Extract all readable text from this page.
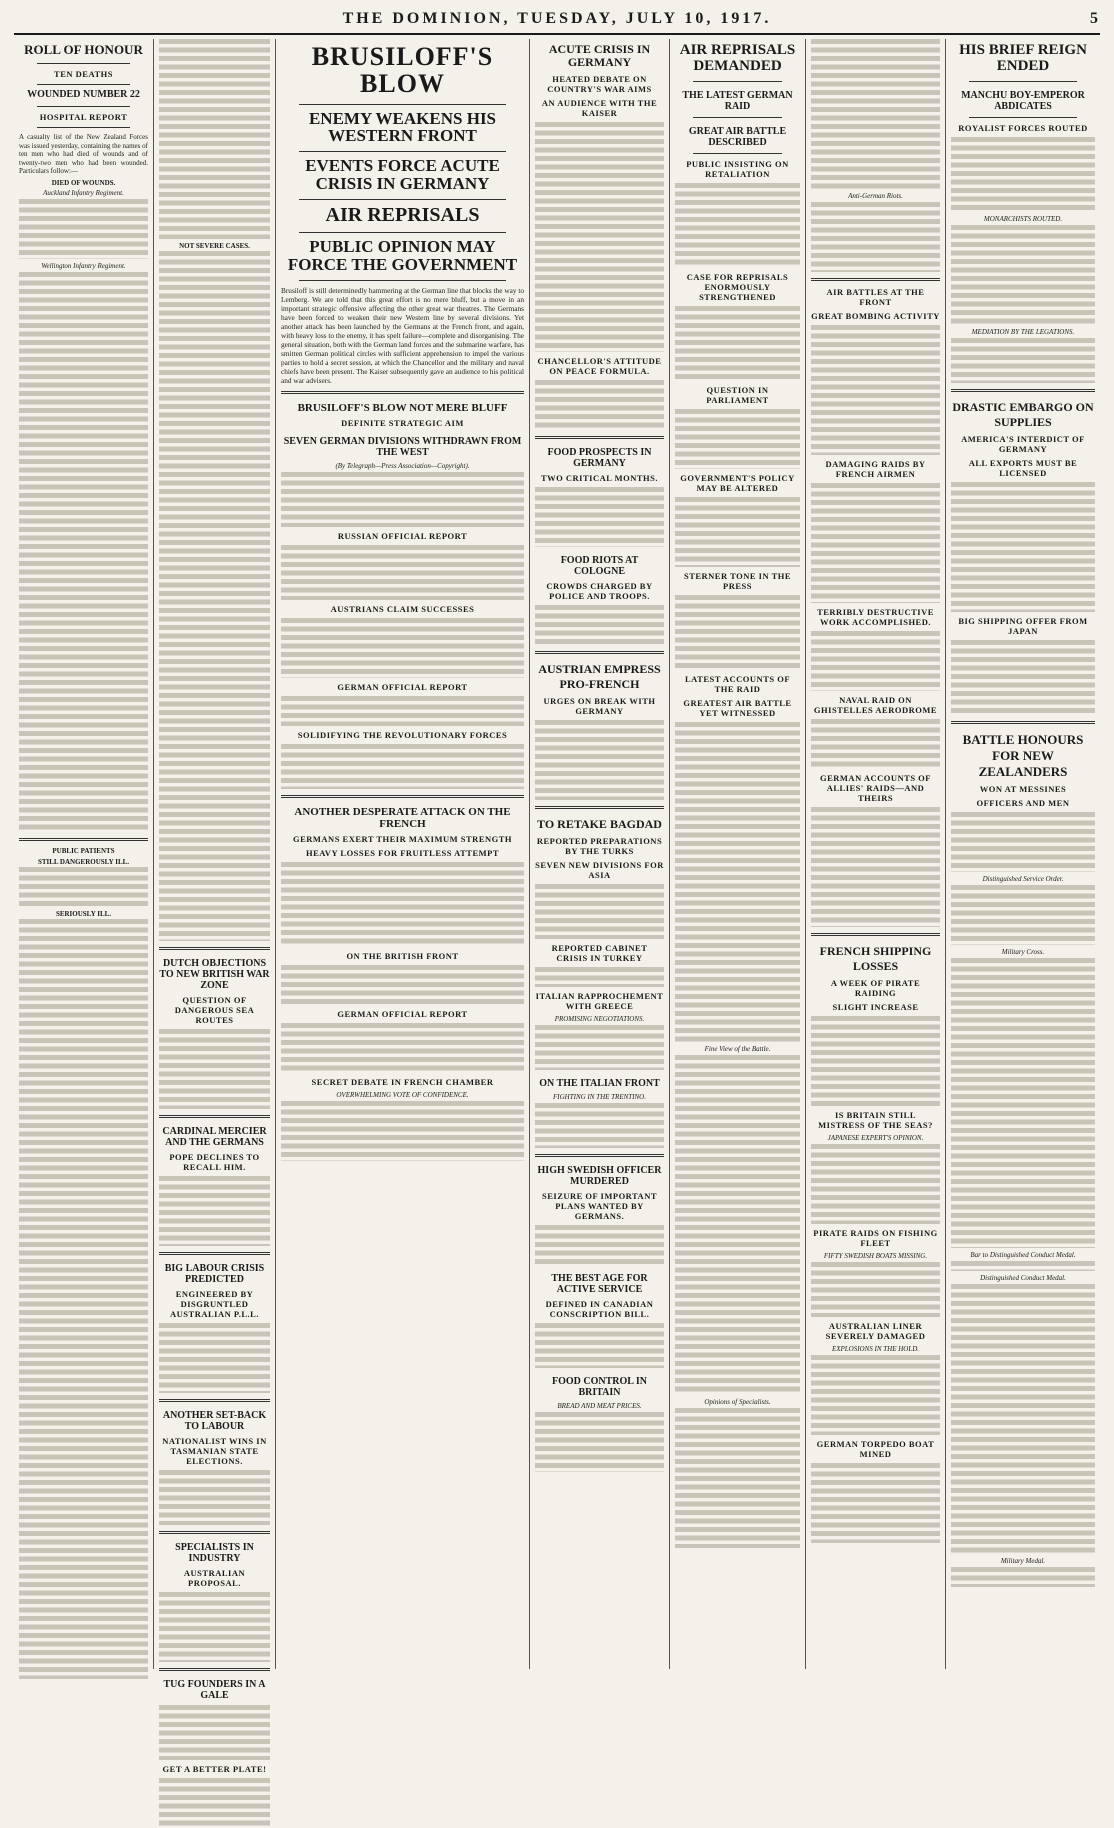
THE DOMINION, TUESDAY, JULY 10, 1917.	5
ROLL OF HONOUR
TEN DEATHS
WOUNDED NUMBER 22
HOSPITAL REPORT

A casualty list of the New Zealand Forces was issued yesterday, containing the names of ten men who had died of wounds and of twenty-two men who had been wounded. Particulars follow:—

DIED OF WOUNDS.
Auckland Infantry Regiment.
Wellington Infantry Regiment.
PUBLIC PATIENTS
STILL DANGEROUSLY ILL.
SERIOUSLY ILL.
NOT SEVERE CASES.
DUTCH OBJECTIONS TO NEW BRITISH WAR ZONE
QUESTION OF DANGEROUS SEA ROUTES
CARDINAL MERCIER AND THE GERMANS
POPE DECLINES TO RECALL HIM.
BIG LABOUR CRISIS PREDICTED
ENGINEERED BY DISGRUNTLED AUSTRALIAN P.L.L.
ANOTHER SET-BACK TO LABOUR
NATIONALIST WINS IN TASMANIAN STATE ELECTIONS.
SPECIALISTS IN INDUSTRY
AUSTRALIAN PROPOSAL.
TUG FOUNDERS IN A GALE
GET A BETTER PLATE!
BRUSILOFF'S BLOW
ENEMY WEAKENS HIS WESTERN FRONT
EVENTS FORCE ACUTE CRISIS IN GERMANY
AIR REPRISALS
PUBLIC OPINION MAY FORCE THE GOVERNMENT

Brusiloff is still determinedly hammering at the German line that blocks the way to Lemberg. We are told that this great effort is no mere bluff, but a move in an important strategic offensive affecting the other great war theatres. The Germans have been forced to weaken their new Western line by several divisions. Yet another attack has been launched by the Germans at the French front, and again, with heavy loss to the enemy, it has spelt failure—complete and disorganising. The general situation, both with the German land forces and the submarine warfare, has smitten German political circles with sufficient apprehension to impel the various parties to hold a secret session, at which the Chancellor and the military and naval chiefs have been present. The Kaiser subsequently gave an audience to his political and war advisers.

BRUSILOFF'S BLOW NOT MERE BLUFF
DEFINITE STRATEGIC AIM
SEVEN GERMAN DIVISIONS WITHDRAWN FROM THE WEST
(By Telegraph—Press Association—Copyright).
RUSSIAN OFFICIAL REPORT
AUSTRIANS CLAIM SUCCESSES
GERMAN OFFICIAL REPORT
SOLIDIFYING THE REVOLUTIONARY FORCES
ANOTHER DESPERATE ATTACK ON THE FRENCH
GERMANS EXERT THEIR MAXIMUM STRENGTH
HEAVY LOSSES FOR FRUITLESS ATTEMPT
ON THE BRITISH FRONT
GERMAN OFFICIAL REPORT
SECRET DEBATE IN FRENCH CHAMBER
OVERWHELMING VOTE OF CONFIDENCE.
ACUTE CRISIS IN GERMANY
HEATED DEBATE ON COUNTRY'S WAR AIMS
AN AUDIENCE WITH THE KAISER
CHANCELLOR'S ATTITUDE ON PEACE FORMULA.
FOOD PROSPECTS IN GERMANY
TWO CRITICAL MONTHS.
FOOD RIOTS AT COLOGNE
CROWDS CHARGED BY POLICE AND TROOPS.
AUSTRIAN EMPRESS PRO-FRENCH
URGES ON BREAK WITH GERMANY
TO RETAKE BAGDAD
REPORTED PREPARATIONS BY THE TURKS
SEVEN NEW DIVISIONS FOR ASIA
REPORTED CABINET CRISIS IN TURKEY
ITALIAN RAPPROCHEMENT WITH GREECE
PROMISING NEGOTIATIONS.
ON THE ITALIAN FRONT
FIGHTING IN THE TRENTINO.
HIGH SWEDISH OFFICER MURDERED
SEIZURE OF IMPORTANT PLANS WANTED BY GERMANS.
THE BEST AGE FOR ACTIVE SERVICE
DEFINED IN CANADIAN CONSCRIPTION BILL.
FOOD CONTROL IN BRITAIN
BREAD AND MEAT PRICES.
AIR REPRISALS DEMANDED
THE LATEST GERMAN RAID
GREAT AIR BATTLE DESCRIBED
PUBLIC INSISTING ON RETALIATION
CASE FOR REPRISALS ENORMOUSLY STRENGTHENED
QUESTION IN PARLIAMENT
GOVERNMENT'S POLICY MAY BE ALTERED
STERNER TONE IN THE PRESS
LATEST ACCOUNTS OF THE RAID
GREATEST AIR BATTLE YET WITNESSED
Fine View of the Battle.
Opinions of Specialists.
Anti-German Riots.
AIR BATTLES AT THE FRONT
GREAT BOMBING ACTIVITY
DAMAGING RAIDS BY FRENCH AIRMEN
TERRIBLY DESTRUCTIVE WORK ACCOMPLISHED.
NAVAL RAID ON GHISTELLES AERODROME
GERMAN ACCOUNTS OF ALLIES' RAIDS—AND THEIRS
FRENCH SHIPPING LOSSES
A WEEK OF PIRATE RAIDING
SLIGHT INCREASE
IS BRITAIN STILL MISTRESS OF THE SEAS?
JAPANESE EXPERT'S OPINION.
PIRATE RAIDS ON FISHING FLEET
FIFTY SWEDISH BOATS MISSING.
AUSTRALIAN LINER SEVERELY DAMAGED
EXPLOSIONS IN THE HOLD.
GERMAN TORPEDO BOAT MINED
HIS BRIEF REIGN ENDED
MANCHU BOY-EMPEROR ABDICATES
ROYALIST FORCES ROUTED
MONARCHISTS ROUTED.
MEDIATION BY THE LEGATIONS.
DRASTIC EMBARGO ON SUPPLIES
AMERICA'S INTERDICT OF GERMANY
ALL EXPORTS MUST BE LICENSED
BIG SHIPPING OFFER FROM JAPAN
BATTLE HONOURS FOR NEW ZEALANDERS
WON AT MESSINES
OFFICERS AND MEN
Distinguished Service Order.
Military Cross.
Bar to Distinguished Conduct Medal.
Distinguished Conduct Medal.
Military Medal.
